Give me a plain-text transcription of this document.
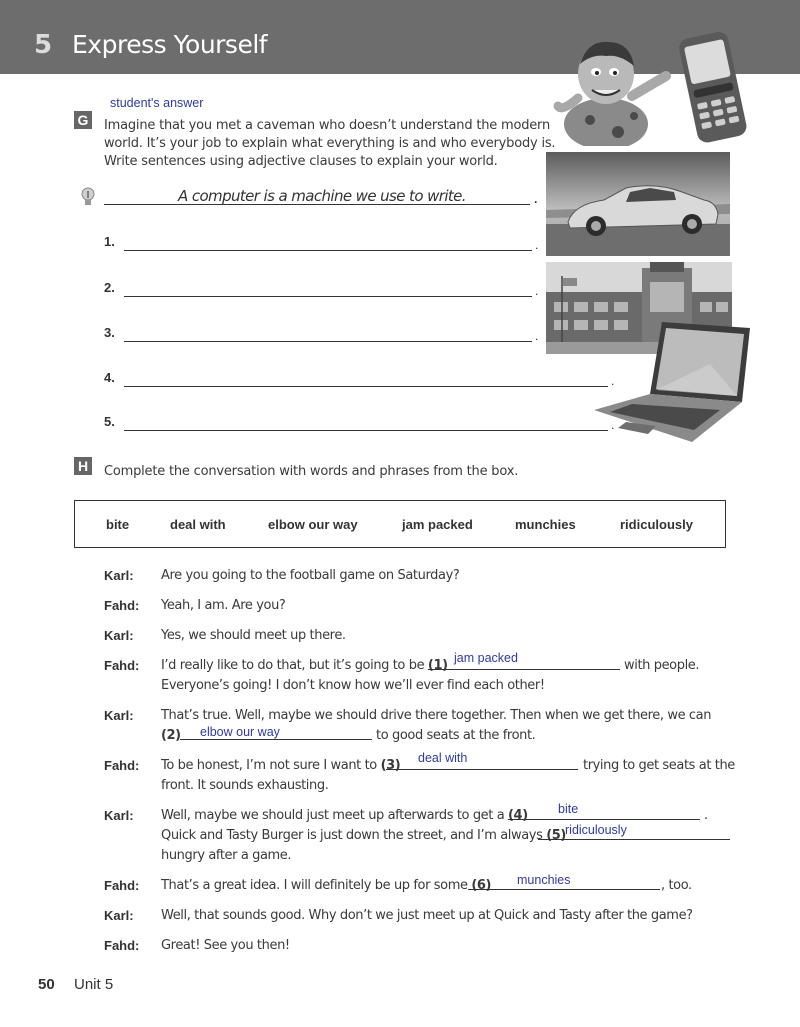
5 Express Yourself
student's answer
G Imagine that you met a caveman who doesn’t understand the modern
world. It’s your job to explain what everything is and who everybody is.
Write sentences using adjective clauses to explain your world.
.
A computer is a machine we use to write.
1.	.
2.	.
3.	.
4.	.
5.	.
H	Complete the conversation with words and phrases from the box.
bite	deal with	elbow our way	jam packed	munchies	ridiculously
Karl: Are you going to the football game on Saturday?
Fahd: Yeah, I am. Are you?
Karl: Yes, we should meet up there.
Fahd: I’d really like to do that, but it’s going to be (1) jam packed	with people.
Everyone’s going! I don’t know how we’ll ever find each other!
Karl: That’s true. Well, maybe we should drive there together. Then when we get there, we can
(2) elbow our way	to good seats at the front.
Fahd: To be honest, I’m not sure I want to (3) deal with	trying to get seats at the
front. It sounds exhausting.
Karl: Well, maybe we should just meet up afterwards to get a (4) bite	.
Quick and Tasty Burger is just down the street, and I’m always (5) ridiculously
hungry after a game.
Fahd: That’s a great idea. I will definitely be up for some (6) munchies	, too.
Karl: Well, that sounds good. Why don’t we just meet up at Quick and Tasty after the game?
Fahd: Great! See you then!
50 Unit 5
